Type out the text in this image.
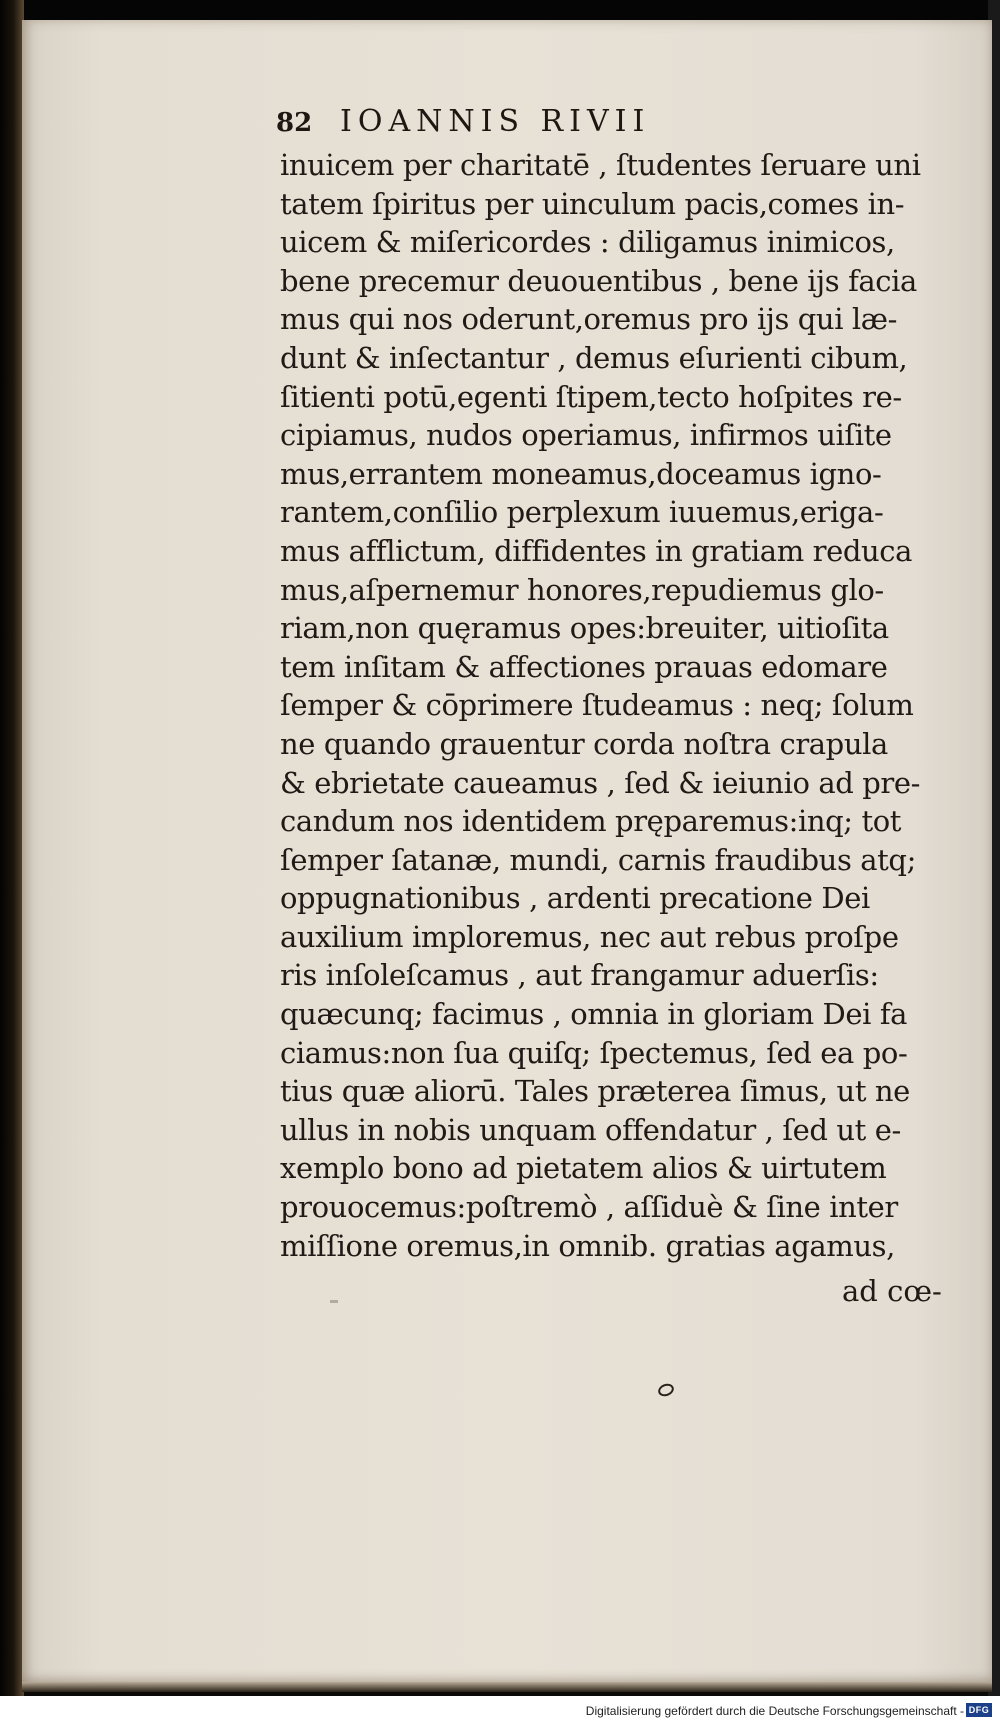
82 IOANNIS RIVII
inuicem per charitatē , ſtudentes ſeruare uni
tatem ſpiritus per uinculum pacis,comes in-
uicem & miſericordes : diligamus inimicos,
bene precemur deuouentibus , bene ijs facia
mus qui nos oderunt,oremus pro ijs qui læ-
dunt & inſectantur , demus eſurienti cibum,
ſitienti potū,egenti ſtipem,tecto hoſpites re-
cipiamus, nudos operiamus, infirmos uiſite
mus,errantem moneamus,doceamus igno-
rantem,conſilio perplexum iuuemus,eriga-
mus afflictum, diffidentes in gratiam reduca
mus,aſpernemur honores,repudiemus glo-
riam,non quęramus opes:breuiter, uitioſita
tem inſitam & affectiones prauas edomare
ſemper & cōprimere ſtudeamus : neq; ſolum
ne quando grauentur corda noſtra crapula
& ebrietate caueamus , ſed & ieiunio ad pre-
candum nos identidem pręparemus:inq; tot
ſemper ſatanæ, mundi, carnis fraudibus atq;
oppugnationibus , ardenti precatione Dei
auxilium imploremus, nec aut rebus proſpe
ris inſoleſcamus , aut frangamur aduerſis:
quæcunq; facimus , omnia in gloriam Dei fa
ciamus:non ſua quiſq; ſpectemus, ſed ea po-
tius quæ aliorū. Tales præterea ſimus, ut ne
ullus in nobis unquam offendatur , ſed ut e-
xemplo bono ad pietatem alios & uirtutem
prouocemus:poſtremò , aſſiduè & ſine inter
miſſione oremus,in omnib. gratias agamus,
ad cœ-
Digitalisierung gefördert durch die Deutsche Forschungsgemeinschaft - DFG
